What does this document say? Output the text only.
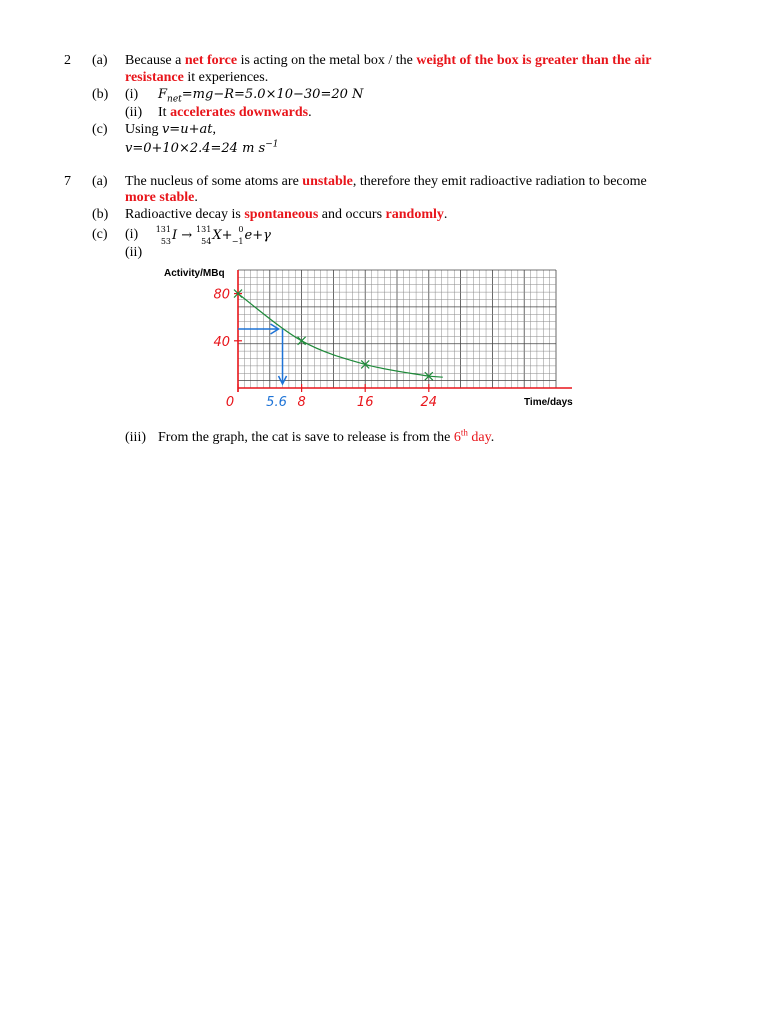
2 (a) Because a net force is acting on the metal box / the weight of the box is greater than the air
resistance it experiences.
(b) (i) $F_{net}=mg-R=5.0\times 10-30=20$ N
(ii) It accelerates downwards.
(c) Using v=u+at,
v=0+10×2.4=24 m $s^{-1}$
7 (a) The nucleus of some atoms are unstable, therefore they emit radioactive radiation to become
more stable.
(b) Radioactive decay is spontaneous and occurs randomly.
(c) (i) 131
53 I → 131
54 X+ 0
−1 e+γ
(ii)
Activity/MBq
Time/days
0 5.6 8	16	24
80
40
(iii) From the graph, the cat is save to release is from the 6th day.
